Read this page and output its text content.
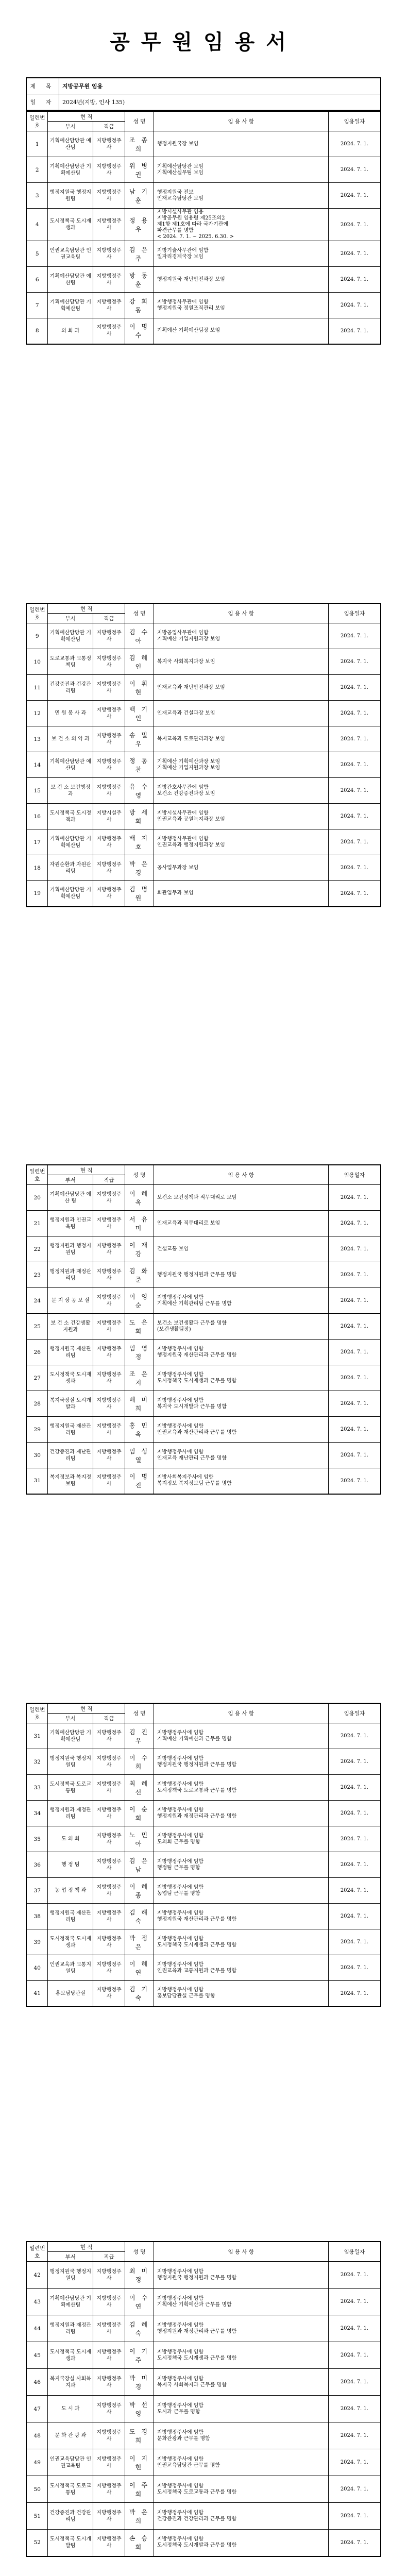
공무원임용서
제 목	지방공무원 임용
일 자	2024년(지방, 인사 135)
일련번호	현 직		성 명	임 용 사 항	임용일자
	부서	직급			
1	기획예산담당관 예산팀	지방행정주사	조 종 희	행정지원국장 보임	2024. 7. 1.
2	기획예산담당관 기획예산팀	지방행정주사	위 병 권	기획예산담당관 보임
기획예산실무팀 보임	2024. 7. 1.
3	행정지원국 행정지원팀	지방행정주사	남 기 훈	행정지원국 전보
인재교육담당관 보임	2024. 7. 1.
4	도시정책국 도시재생과	지방행정주사	정 용 우	지방시설사무관 임용
지방공무원 임용령 제25조의2
제1항 제1호에 따라 국가기관에
파견근무를 명함
< 2024. 7. 1. ~ 2025. 6.30. >	2024. 7. 1.
5	인권교육담당관 인권교육팀	지방행정주사	김 은 주	지방기술사무관에 임함
일자리경제국장 보임	2024. 7. 1.
6	기획예산담당관 예산팀	지방행정주사	방 동 훈	행정지원국 재난안전과장 보임	2024. 7. 1.
7	기획예산담당관 기획예산팀	지방행정주사	강 희 동	지방행정사무관에 임함
행정지원국 정원조직관리 보임	2024. 7. 1.
8	의 회 과	지방행정주사	이 명 수	기획예산 기획예산팀장 보임	2024. 7. 1.
일련번호	현 직		성 명	임 용 사 항	임용일자
	부서	직급			
9	기획예산담당관 기획예산팀	지방행정주사	김 수 아	지방공업사무관에 임함
기획예산 기업지원과장 보임	2024. 7. 1.
10	도로교통과 교통정책팀	지방행정주사	김 혜 인	복지국 사회복지과장 보임	2024. 7. 1.
11	건강증진과 건강관리팀	지방행정주사	이 휘 현	인재교육과 재난안전과장 보임	2024. 7. 1.
12	민 원 봉 사 과	지방행정주사	백 기 인	인재교육과 건설과장 보임	2024. 7. 1.
13	보 건 소 의 약 과	지방행정주사	송 밀 우	복지교육과 도로관리과장 보임	2024. 7. 1.
14	기획예산담당관 예산팀	지방행정주사	정 동 찬	기획예산 기획예산과장 보임
기획예산 기업지원과장 보임	2024. 7. 1.
15	보 건 소 보건행정과	지방행정주사	유 수 영	지방간호사무관에 임함
보건소 건강증진과장 보임	2024. 7. 1.
16	도시정책국 도시정책과	지방시설주사	방 세 희	지방시설사무관에 임함
인권교육과 공원녹지과장 보임	2024. 7. 1.
17	기획예산담당관 기획예산팀	지방행정주사	배 지 호	지방행정사무관에 임함
인권교육과 행정지원과장 보임	2024. 7. 1.
18	자원순환과 자원관리팀	지방행정주사	박 은 경	공사업무과장 보임	2024. 7. 1.
19	기획예산담당관 기획예산팀	지방행정주사	김 명 원	회관업무과 보임	2024. 7. 1.
일련번호	현 직		성 명	임 용 사 항	임용일자
	부서	직급			
20	기획예산담당관 예 산 팀	지방행정주사	이 혜 옥	보건소 보건정책과 직무대리로 보임	2024. 7. 1.
21	행정지원과 인권교육팀	지방행정주사	서 유 미	인재교육과 직무대리로 보임	2024. 7. 1.
22	행정지원과 행정지원팀	지방행정주사	이 재 강	건설교통 보임	2024. 7. 1.
23	행정지원과 재정관리팀	지방행정주사	김 화 준	행정지원국 행정지원과 근무를 명함	2024. 7. 1.
24	문 지 상 공 보 실	지방행정주사	이 영 순	지방행정주사에 임함
기획예산 기획관리팀 근무를 명함	2024. 7. 1.
25	보 건 소 건강생활지원과	지방행정주사	도 은 희	보건소 보건생활과 근무를 명함
(보건생활팀장)	2024. 7. 1.
26	행정지원국 재산관리팀	지방행정주사	엄 영 정	지방행정주사에 임함
행정지원국 재산관리과 근무를 명함	2024. 7. 1.
27	도시정책국 도시재생과	지방행정주사	조 은 지	지방행정주사에 임함
도시정책국 도시재생과 근무를 명함	2024. 7. 1.
28	복지국장실 도시개발과	지방행정주사	배 미 희	지방행정주사에 임함
복지국 도시개발과 근무를 명함	2024. 7. 1.
29	행정지원국 재산관리팀	지방행정주사	홍 민 옥	지방행정주사에 임함
인권교육과 재산관리과 근무를 명함	2024. 7. 1.
30	건강증진과 재난관리팀	지방행정주사	엄 성 열	지방행정주사에 임함
인재교육 재난관리 근무를 명함	2024. 7. 1.
31	복지정보과 복지정보팀	지방행정주사	이 명 진	지방사회복지주사에 임함
복지정보 복지정보팀 근무를 명함	2024. 7. 1.
일련번호	현 직		성 명	임 용 사 항	임용일자
	부서	직급			
31	기획예산담당관 기획예산팀	지방행정주사	김 진 우	지방행정주사에 임함
기획예산 기획예산과 근무를 명함	2024. 7. 1.
32	행정지원국 행정지원팀	지방행정주사	이 수 회	지방행정주사에 임함
행정지원국 행정지원과 근무를 명함	2024. 7. 1.
33	도시정책국 도로교통팀	지방행정주사	최 혜 선	지방행정주사에 임함
도시정책국 도로교통과 근무를 명함	2024. 7. 1.
34	행정지원과 재정관리팀	지방행정주사	이 순 희	지방행정주사에 임함
행정지원과 재정관리과 근무를 명함	2024. 7. 1.
35	도 의 회	지방행정주사	노 민 아	지방행정주사에 임함
도의회 근무를 명함	2024. 7. 1.
36	행 정 팀	지방행정주사	김 윤 남	지방행정주사에 임함
행정팀 근무를 명함	2024. 7. 1.
37	농 업 정 책 과	지방행정주사	이 혜 종	지방행정주사에 임함
농업팀 근무를 명함	2024. 7. 1.
38	행정지원국 재산관리팀	지방행정주사	김 해 숙	지방행정주사에 임함
행정지원국 재산관리과 근무를 명함	2024. 7. 1.
39	도시정책국 도시재생과	지방행정주사	박 정 은	지방행정주사에 임함
도시정책국 도시재생과 근무를 명함	2024. 7. 1.
40	인권교육과 교통지원팀	지방행정주사	이 혜 연	지방행정주사에 임함
인권교육과 교통지원과 근무를 명함	2024. 7. 1.
41	홍보담당관실	지방행정주사	김 기 숙	지방행정주사에 임함
홍보담당관실 근무를 명함	2024. 7. 1.
일련번호	현 직		성 명	임 용 사 항	임용일자
	부서	직급			
42	행정지원국 행정지원팀	지방행정주사	최 미 정	지방행정주사에 임함
행정지원국 행정지원과 근무를 명함	2024. 7. 1.
43	기획예산담당관 기획예산팀	지방행정주사	이 수 연	지방행정주사에 임함
기획예산 기획예산과 근무를 명함	2024. 7. 1.
44	행정지원과 재정관리팀	지방행정주사	김 혜 숙	지방행정주사에 임함
행정지원과 재정관리과 근무를 명함	2024. 7. 1.
45	도시정책국 도시재생과	지방행정주사	이 기 주	지방행정주사에 임함
도시정책국 도시재생과 근무를 명함	2024. 7. 1.
46	복지국장실 사회복지과	지방행정주사	박 미 경	지방행정주사에 임함
복지국 사회복지과 근무를 명함	2024. 7. 1.
47	도 시 과	지방행정주사	박 선 영	지방행정주사에 임함
도시과 근무를 명함	2024. 7. 1.
48	문 화 관 광 과	지방행정주사	도 경 희	지방행정주사에 임함
문화관광과 근무를 명함	2024. 7. 1.
49	인권교육담당관 인권교육팀	지방행정주사	이 지 현	지방행정주사에 임함
인권교육담당관 근무를 명함	2024. 7. 1.
50	도시정책국 도로교통팀	지방행정주사	이 주 희	지방행정주사에 임함
도시정책국 도로교통과 근무를 명함	2024. 7. 1.
51	건강증진과 건강관리팀	지방행정주사	박 은 희	지방행정주사에 임함
건강증진과 건강관리과 근무를 명함	2024. 7. 1.
52	도시정책국 도시개발팀	지방행정주사	손 승 희	지방행정주사에 임함
도시정책국 도시개발과 근무를 명함	2024. 7. 1.
